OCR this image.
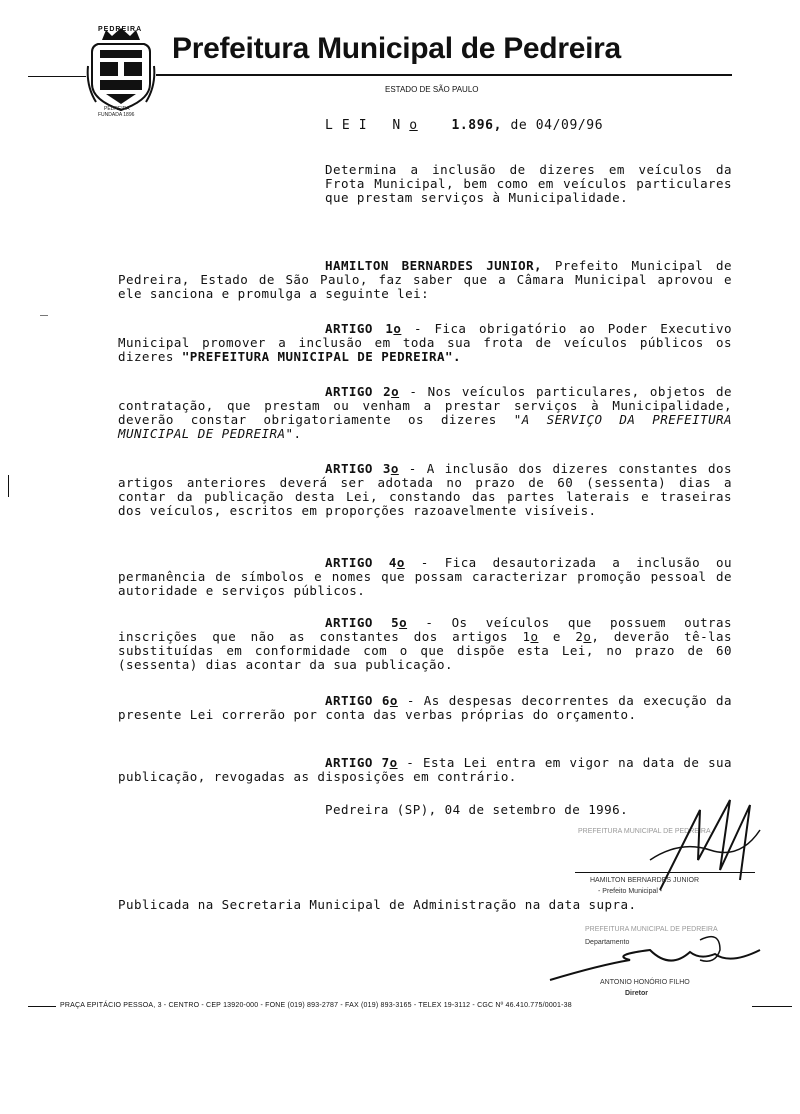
PEDREIRA
FUNDADA 1896
PEDREIRA
Prefeitura Municipal de Pedreira
ESTADO DE SÃO PAULO
L E I N o	1.896, de 04/09/96
Determina a inclusão de dizeres em veículos da Frota Municipal, bem como em veículos particulares que prestam serviços à Municipalidade.
HAMILTON BERNARDES JUNIOR, Prefeito Municipal de Pedreira, Estado de São Paulo, faz saber que a Câmara Municipal aprovou e ele sanciona e promulga a seguinte lei:
ARTIGO 1o - Fica obrigatório ao Poder Executivo Municipal promover a inclusão em toda sua frota de veículos públicos os dizeres "PREFEITURA MUNICIPAL DE PEDREIRA".
ARTIGO 2o - Nos veículos particulares, objetos de contratação, que prestam ou venham a prestar serviços à Municipalidade, deverão constar obrigatoriamente os dizeres "A SERVIÇO DA PREFEITURA MUNICIPAL DE PEDREIRA".
ARTIGO 3o - A inclusão dos dizeres constantes dos artigos anteriores deverá ser adotada no prazo de 60 (sessenta) dias a contar da publicação desta Lei, constando das partes laterais e traseiras dos veículos, escritos em proporções razoavelmente visíveis.
ARTIGO 4o - Fica desautorizada a inclusão ou permanência de símbolos e nomes que possam caracterizar promoção pessoal de autoridade e serviços públicos.
ARTIGO 5o - Os veículos que possuem outras inscrições que não as constantes dos artigos 1o e 2o, deverão tê-las substituídas em conformidade com o que dispõe esta Lei, no prazo de 60 (sessenta) dias acontar da sua publicação.
ARTIGO 6o - As despesas decorrentes da execução da presente Lei correrão por conta das verbas próprias do orçamento.
ARTIGO 7o - Esta Lei entra em vigor na data de sua publicação, revogadas as disposições em contrário.
Pedreira (SP), 04 de setembro de 1996.
PREFEITURA MUNICIPAL DE PEDREIRA
HAMILTON BERNARDES JUNIOR
- Prefeito Municipal -
Publicada na Secretaria Municipal de Administração na data supra.
PREFEITURA MUNICIPAL DE PEDREIRA
Departamento
ANTONIO HONÓRIO FILHO
Diretor
PRAÇA EPITÁCIO PESSOA, 3 - CENTRO - CEP 13920-000 - FONE (019) 893-2787 - FAX (019) 893-3165 - TELEX 19-3112 - CGC Nº 46.410.775/0001-38
